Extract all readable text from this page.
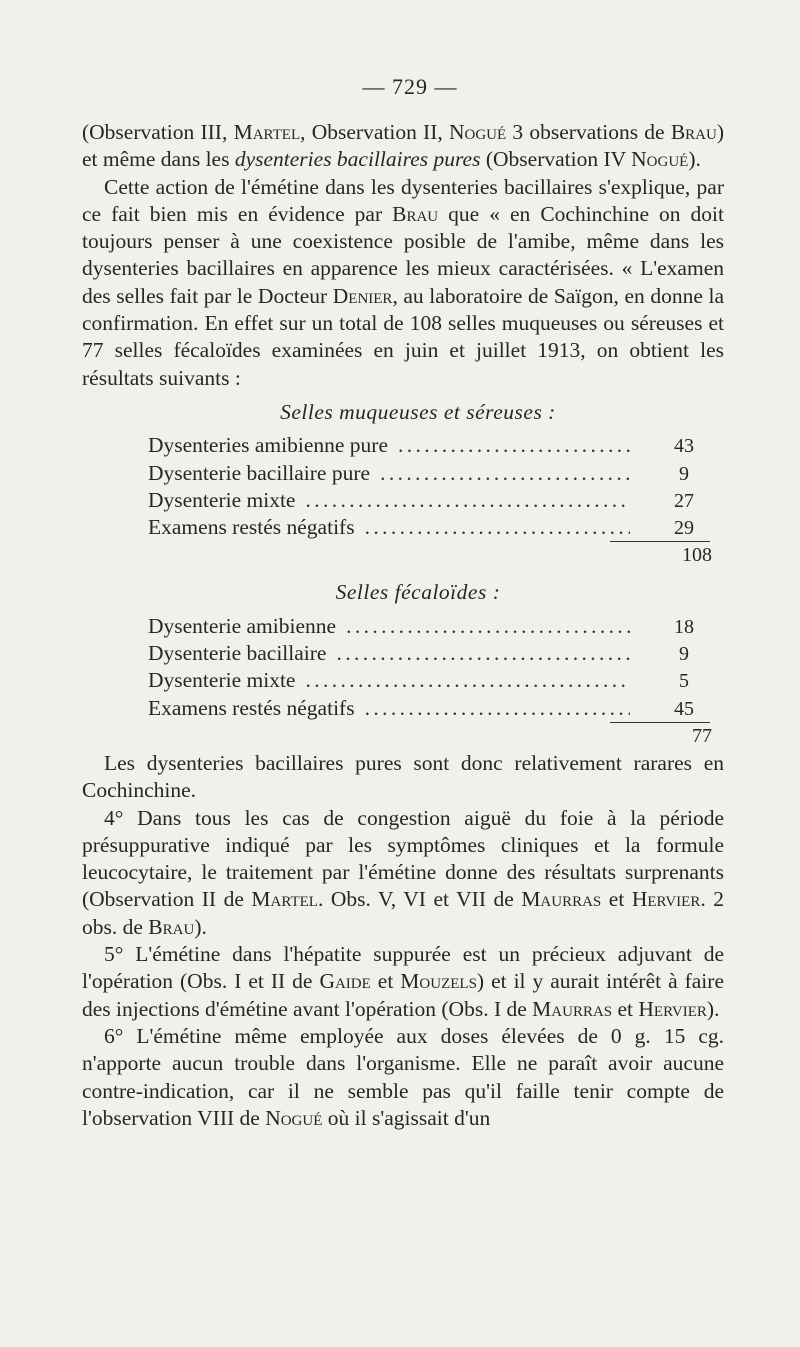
— 729 —

(Observation III, Martel, Observation II, Nogué 3 observations de Brau) et même dans les dysenteries bacillaires pures (Observation IV Nogué).

Cette action de l'émétine dans les dysenteries bacillaires s'explique, par ce fait bien mis en évidence par Brau que « en Cochinchine on doit toujours penser à une coexistence posible de l'amibe, même dans les dysenteries bacillaires en apparence les mieux caractérisées. « L'examen des selles fait par le Docteur Denier, au laboratoire de Saïgon, en donne la confirmation. En effet sur un total de 108 selles muqueuses ou séreuses et 77 selles fécaloïdes examinées en juin et juillet 1913, on obtient les résultats suivants :

Selles muqueuses et séreuses :
Dysenteries amibienne pure . . .	43
Dysenterie bacillaire pure . . .	9
Dysenterie mixte . . .	27
Examens restés négatifs . . .	29
108
Selles fécaloïdes :
Dysenterie amibienne . . .	18
Dysenterie bacillaire . . .	9
Dysenterie mixte . . .	5
Examens restés négatifs . . .	45
77

Les dysenteries bacillaires pures sont donc relativement rarares en Cochinchine.

4° Dans tous les cas de congestion aiguë du foie à la période présuppurative indiqué par les symptômes cliniques et la formule leucocytaire, le traitement par l'émétine donne des résultats surprenants (Observation II de Martel. Obs. V, VI et VII de Maurras et Hervier. 2 obs. de Brau).

5° L'émétine dans l'hépatite suppurée est un précieux adjuvant de l'opération (Obs. I et II de Gaide et Mouzels) et il y aurait intérêt à faire des injections d'émétine avant l'opération (Obs. I de Maurras et Hervier).

6° L'émétine même employée aux doses élevées de 0 g. 15 cg. n'apporte aucun trouble dans l'organisme. Elle ne paraît avoir aucune contre-indication, car il ne semble pas qu'il faille tenir compte de l'observation VIII de Nogué où il s'agissait d'un
